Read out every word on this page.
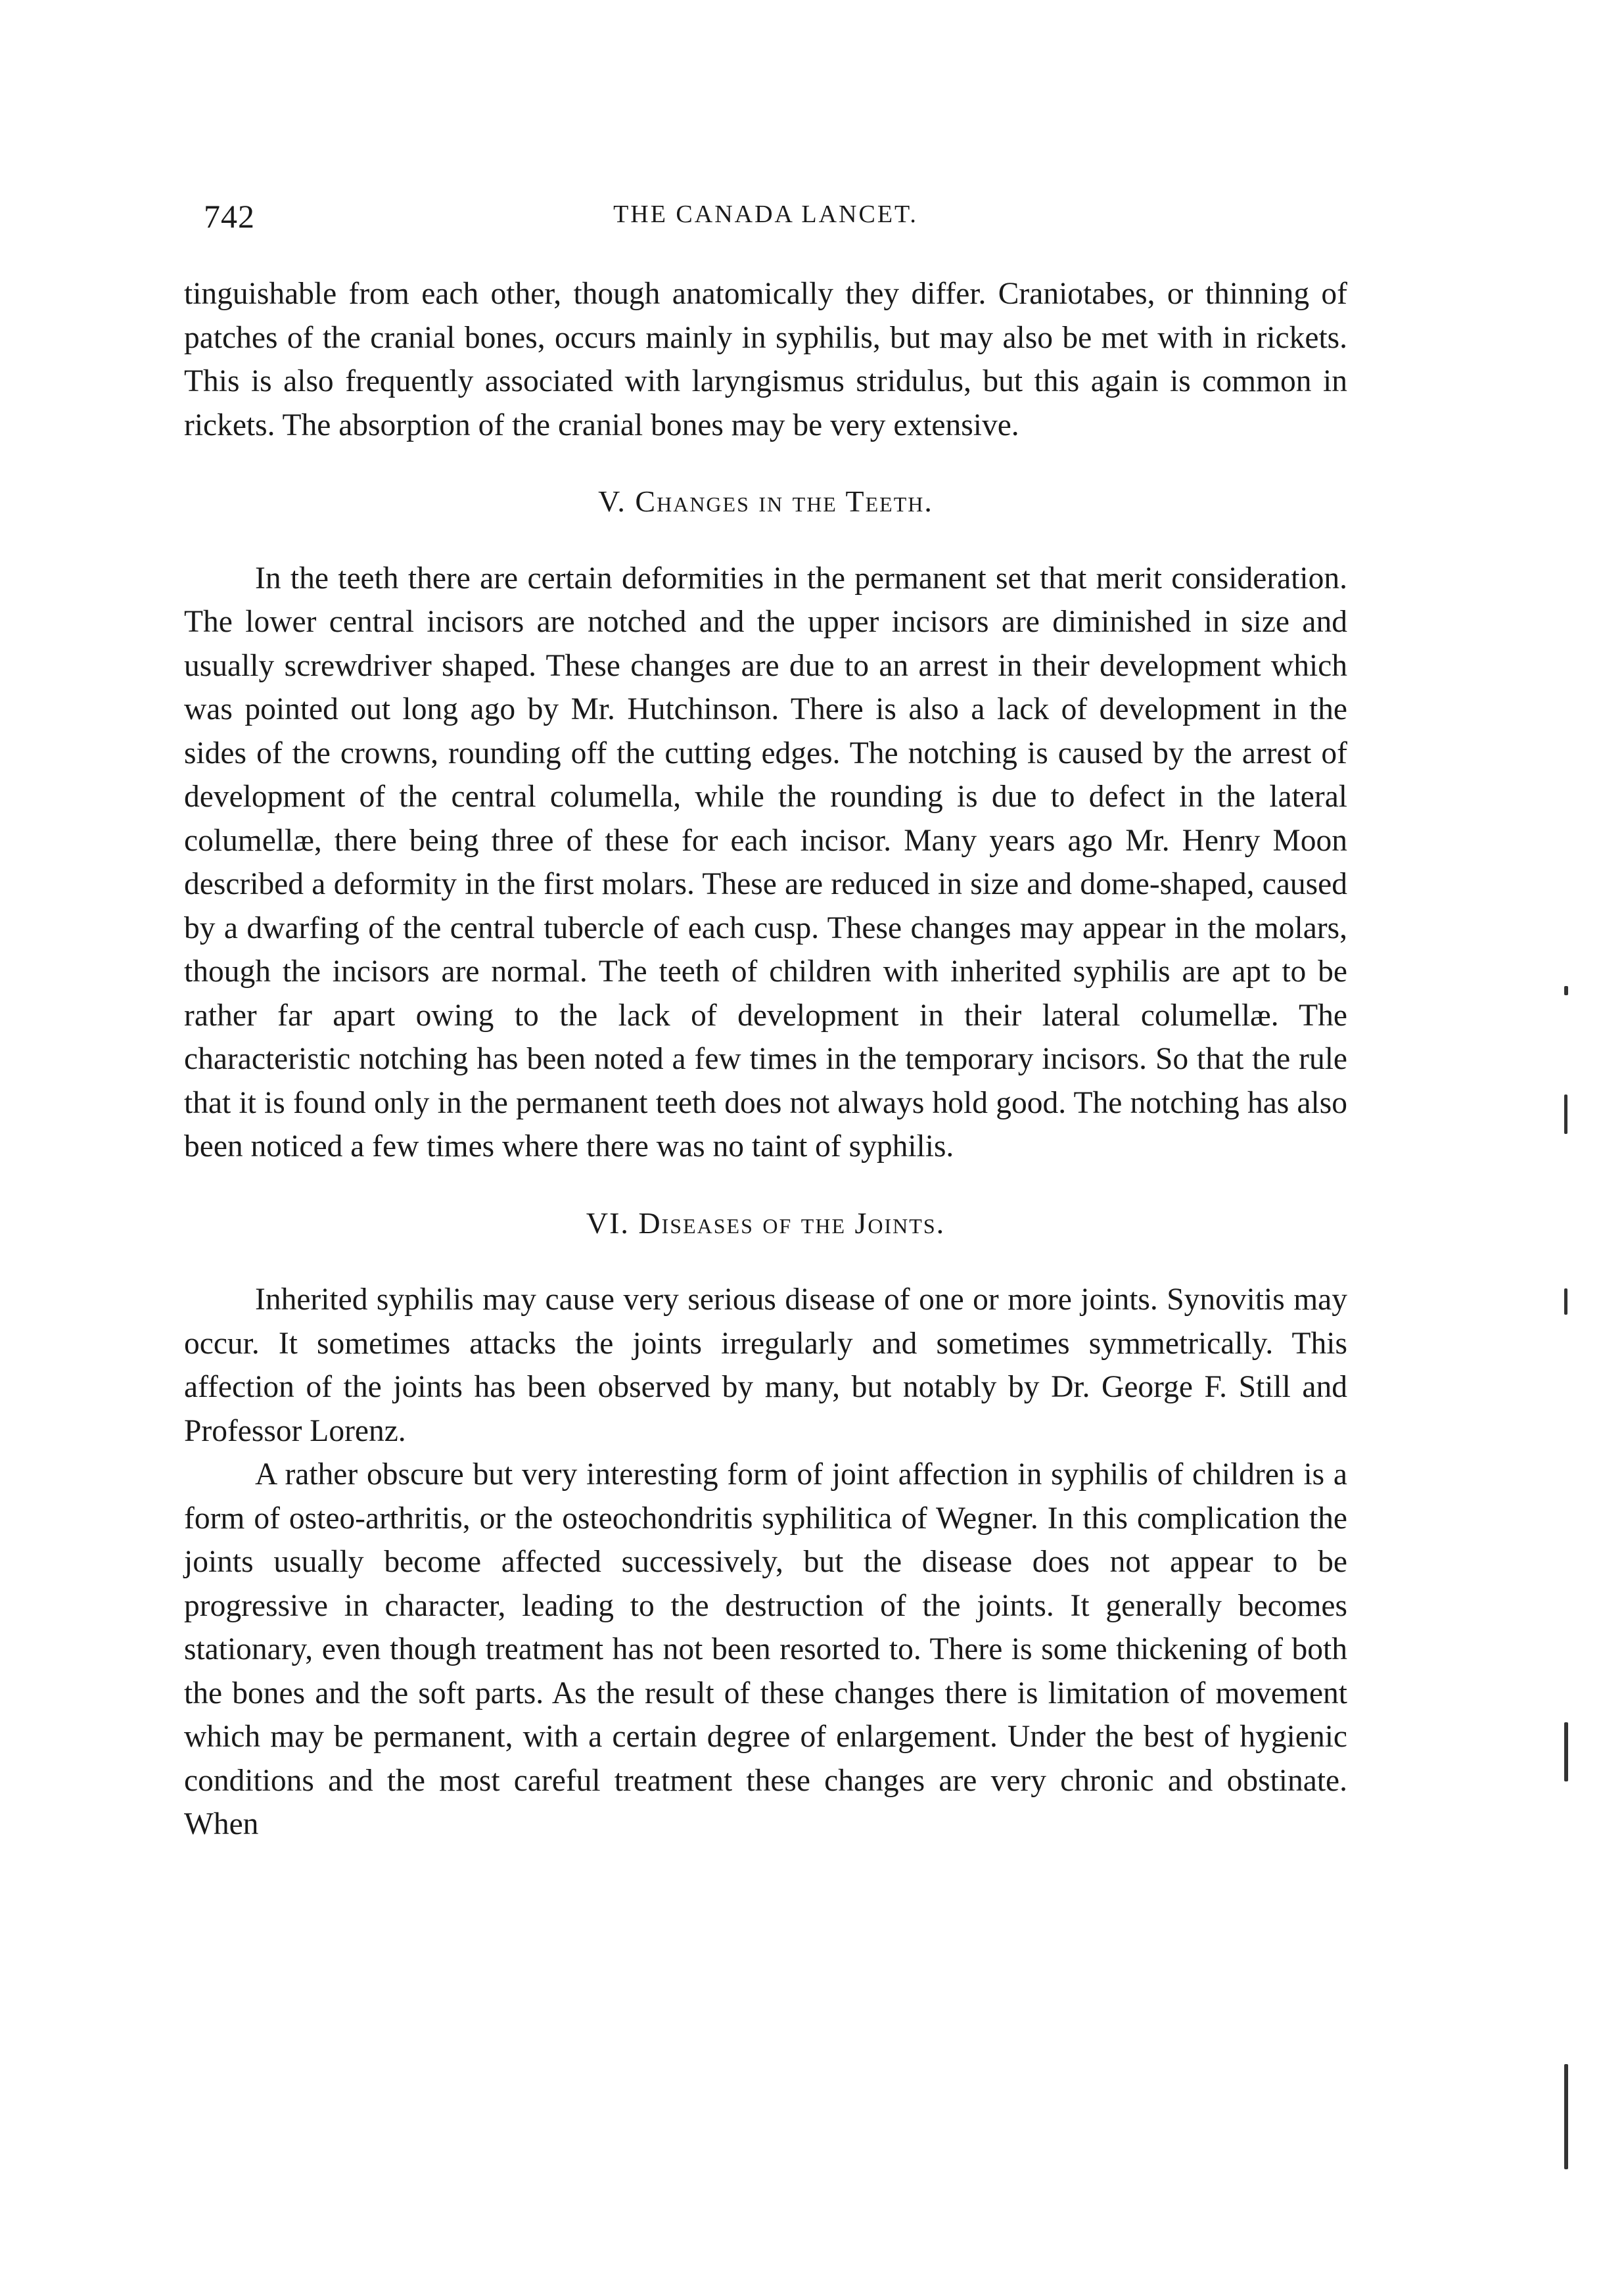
742	THE CANADA LANCET.

tinguishable from each other, though anatomically they differ. Craniotabes, or thinning of patches of the cranial bones, occurs mainly in syphilis, but may also be met with in rickets. This is also frequently associated with laryngismus stridulus, but this again is common in rickets. The absorption of the cranial bones may be very extensive.

V. Changes in the Teeth.

In the teeth there are certain deformities in the permanent set that merit consideration. The lower central incisors are notched and the upper incisors are diminished in size and usually screwdriver shaped. These changes are due to an arrest in their development which was pointed out long ago by Mr. Hutchinson. There is also a lack of development in the sides of the crowns, rounding off the cutting edges. The notching is caused by the arrest of development of the central columella, while the rounding is due to defect in the lateral columellæ, there being three of these for each incisor. Many years ago Mr. Henry Moon described a deformity in the first molars. These are reduced in size and dome-shaped, caused by a dwarfing of the central tubercle of each cusp. These changes may appear in the molars, though the incisors are normal. The teeth of children with inherited syphilis are apt to be rather far apart owing to the lack of development in their lateral columellæ. The characteristic notching has been noted a few times in the temporary incisors. So that the rule that it is found only in the permanent teeth does not always hold good. The notching has also been noticed a few times where there was no taint of syphilis.

VI. Diseases of the Joints.

Inherited syphilis may cause very serious disease of one or more joints. Synovitis may occur. It sometimes attacks the joints irregularly and sometimes symmetrically. This affection of the joints has been observed by many, but notably by Dr. George F. Still and Professor Lorenz.

A rather obscure but very interesting form of joint affection in syphilis of children is a form of osteo-arthritis, or the osteochondritis syphilitica of Wegner. In this complication the joints usually become affected successively, but the disease does not appear to be progressive in character, leading to the destruction of the joints. It generally becomes stationary, even though treatment has not been resorted to. There is some thickening of both the bones and the soft parts. As the result of these changes there is limitation of movement which may be permanent, with a certain degree of enlargement. Under the best of hygienic conditions and the most careful treatment these changes are very chronic and obstinate. When
